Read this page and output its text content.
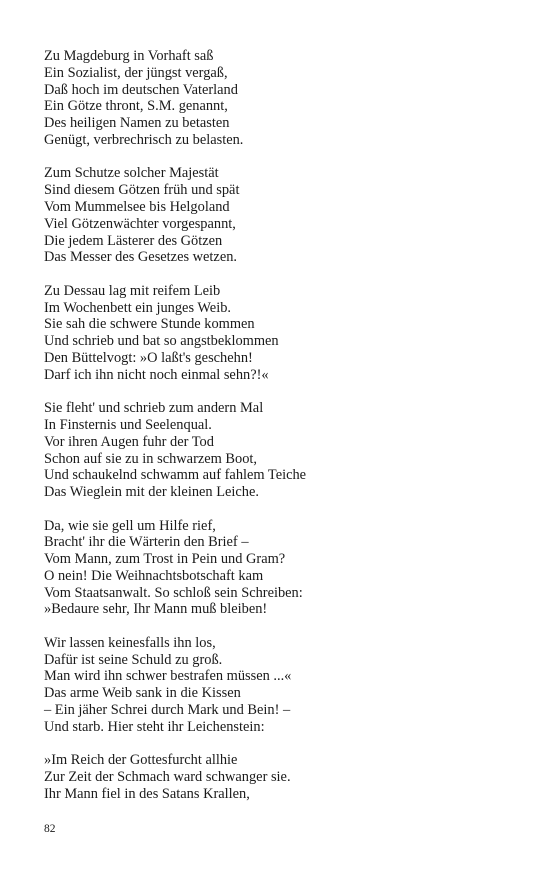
Zu Magdeburg in Vorhaft saß
Ein Sozialist, der jüngst vergaß,
Daß hoch im deutschen Vaterland
Ein Götze thront, S.M. genannt,
Des heiligen Namen zu betasten
Genügt, verbrechrisch zu belasten.
Zum Schutze solcher Majestät
Sind diesem Götzen früh und spät
Vom Mummelsee bis Helgoland
Viel Götzenwächter vorgespannt,
Die jedem Lästerer des Götzen
Das Messer des Gesetzes wetzen.
Zu Dessau lag mit reifem Leib
Im Wochenbett ein junges Weib.
Sie sah die schwere Stunde kommen
Und schrieb und bat so angstbeklommen
Den Büttelvogt: »O laßt's geschehn!
Darf ich ihn nicht noch einmal sehn?!«
Sie fleht' und schrieb zum andern Mal
In Finsternis und Seelenqual.
Vor ihren Augen fuhr der Tod
Schon auf sie zu in schwarzem Boot,
Und schaukelnd schwamm auf fahlem Teiche
Das Wieglein mit der kleinen Leiche.
Da, wie sie gell um Hilfe rief,
Bracht' ihr die Wärterin den Brief –
Vom Mann, zum Trost in Pein und Gram?
O nein! Die Weihnachtsbotschaft kam
Vom Staatsanwalt. So schloß sein Schreiben:
»Bedaure sehr, Ihr Mann muß bleiben!
Wir lassen keinesfalls ihn los,
Dafür ist seine Schuld zu groß.
Man wird ihn schwer bestrafen müssen ...«
Das arme Weib sank in die Kissen
– Ein jäher Schrei durch Mark und Bein! –
Und starb. Hier steht ihr Leichenstein:
»Im Reich der Gottesfurcht allhie
Zur Zeit der Schmach ward schwanger sie.
Ihr Mann fiel in des Satans Krallen,
82
